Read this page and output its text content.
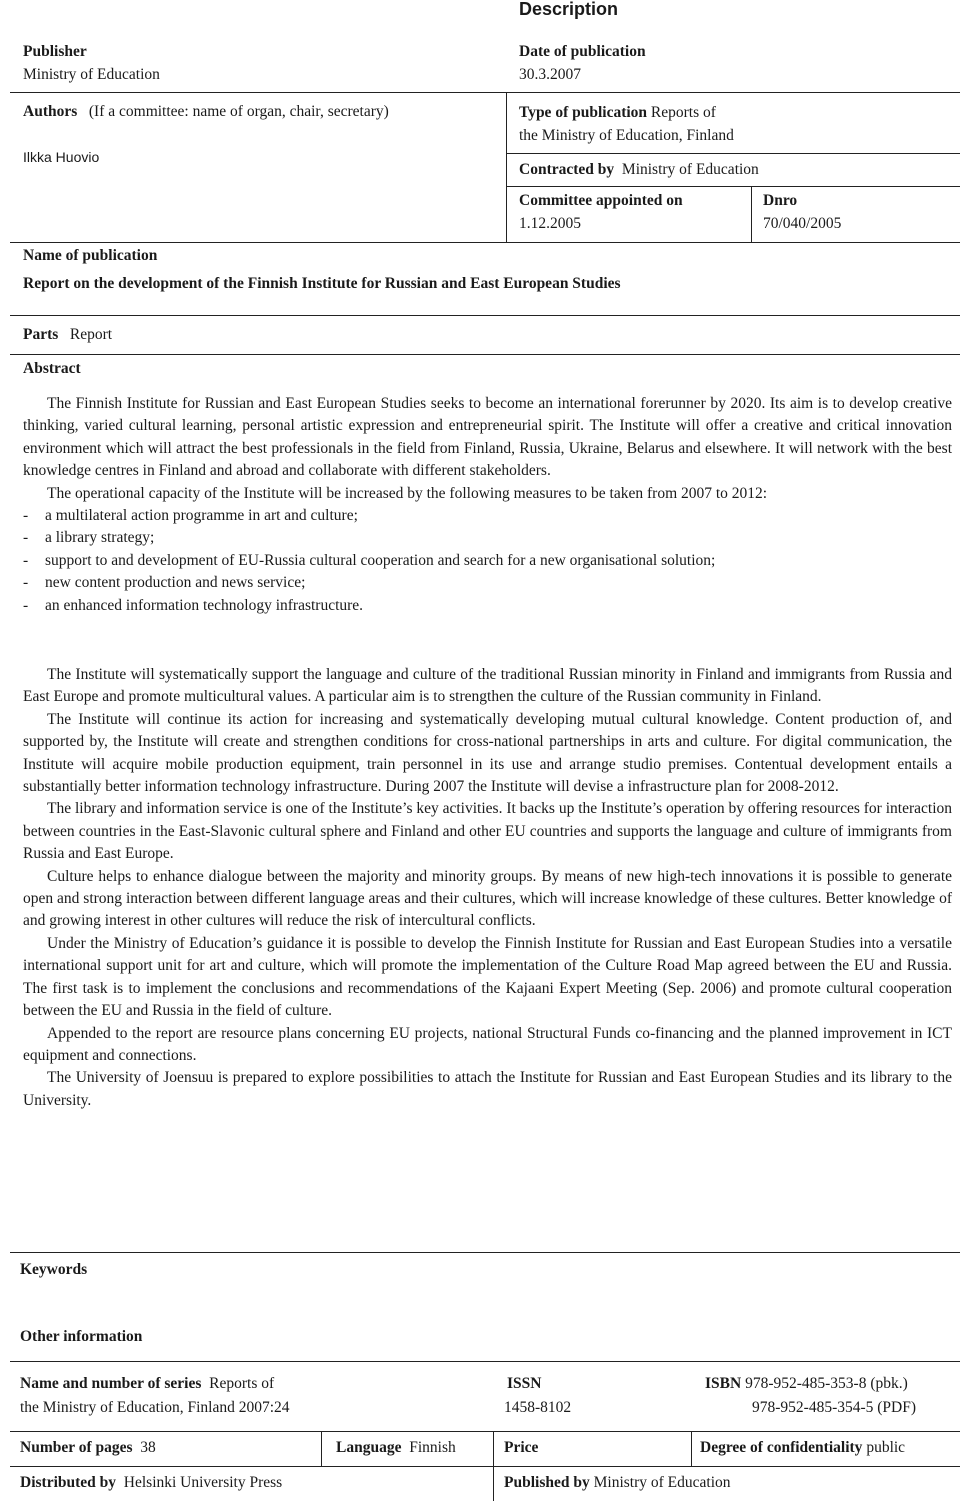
Description
Publisher
Ministry of Education
Date of publication
30.3.2007
Authors (If a committee: name of organ, chair, secretary)
Ilkka Huovio
Type of publication Reports of
the Ministry of Education, Finland
Contracted by Ministry of Education
Committee appointed on
1.12.2005
Dnro
70/040/2005
Name of publication
Report on the development of the Finnish Institute for Russian and East European Studies
Parts Report
Abstract

The Finnish Institute for Russian and East European Studies seeks to become an international forerunner by 2020. Its aim is to develop creative thinking, varied cultural learning, personal artistic expression and entrepreneurial spirit. The Institute will offer a creative and critical innovation environment which will attract the best professionals in the field from Finland, Russia, Ukraine, Belarus and elsewhere. It will network with the best knowledge centres in Finland and abroad and collaborate with different stakeholders.

The operational capacity of the Institute will be increased by the following measures to be taken from 2007 to 2012:

- a multilateral action programme in art and culture;
- a library strategy;
- support to and development of EU-Russia cultural cooperation and search for a new organisational solution;
- new content production and news service;
- an enhanced information technology infrastructure.

The Institute will systematically support the language and culture of the traditional Russian minority in Finland and immigrants from Russia and East Europe and promote multicultural values. A particular aim is to strengthen the culture of the Russian community in Finland.

The Institute will continue its action for increasing and systematically developing mutual cultural knowledge. Content production of, and supported by, the Institute will create and strengthen conditions for cross-national partnerships in arts and culture. For digital communication, the Institute will acquire mobile production equipment, train personnel in its use and arrange studio premises. Contentual development entails a substantially better information technology infrastructure. During 2007 the Institute will devise a infrastructure plan for 2008-2012.

The library and information service is one of the Institute’s key activities. It backs up the Institute’s operation by offering resources for interaction between countries in the East-Slavonic cultural sphere and Finland and other EU countries and supports the language and culture of immigrants from Russia and East Europe.

Culture helps to enhance dialogue between the majority and minority groups. By means of new high-tech innovations it is possible to generate open and strong interaction between different language areas and their cultures, which will increase knowledge of these cultures. Better knowledge of and growing interest in other cultures will reduce the risk of intercultural conflicts.

Under the Ministry of Education’s guidance it is possible to develop the Finnish Institute for Russian and East European Studies into a versatile international support unit for art and culture, which will promote the implementation of the Culture Road Map agreed between the EU and Russia. The first task is to implement the conclusions and recommendations of the Kajaani Expert Meeting (Sep. 2006) and promote cultural cooperation between the EU and Russia in the field of culture.

Appended to the report are resource plans concerning EU projects, national Structural Funds co-financing and the planned improvement in ICT equipment and connections.

The University of Joensuu is prepared to explore possibilities to attach the Institute for Russian and East European Studies and its library to the University.

Keywords
Other information
Name and number of series Reports of
the Ministry of Education, Finland 2007:24
ISSN
1458-8102
ISBN 978-952-485-353-8 (pbk.)
978-952-485-354-5 (PDF)
Number of pages 38	Language Finnish	Price	Degree of confidentiality public
Distributed by Helsinki University Press	Published by Ministry of Education
